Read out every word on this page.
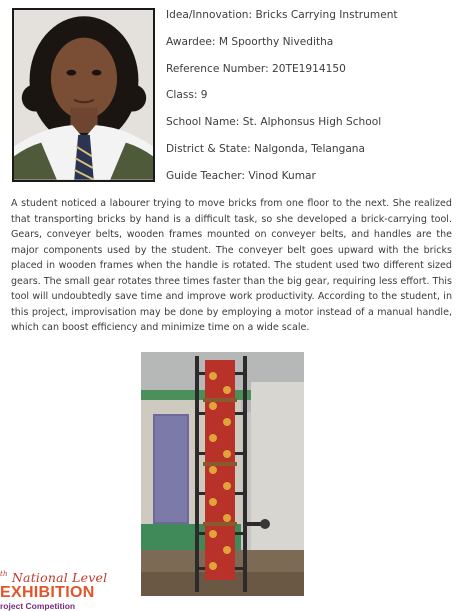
Idea/Innovation: Bricks Carrying Instrument
Awardee: M Spoorthy Niveditha
Reference Number: 20TE1914150
Class: 9
School Name: St. Alphonsus High School
District & State: Nalgonda, Telangana
Guide Teacher: Vinod Kumar

A student noticed a labourer trying to move bricks from one floor to the next. She realized that transporting bricks by hand is a difficult task, so she developed a brick-carrying tool. Gears, conveyer belts, wooden frames mounted on conveyer belts, and handles are the major components used by the student. The conveyer belt goes upward with the bricks placed in wooden frames when the handle is rotated. The student used two different sized gears. The small gear rotates three times faster than the big gear, requiring less effort. This tool will undoubtedly save time and improve work productivity. According to the student, in this project, improvisation may be done by employing a motor instead of a manual handle, which can boost efficiency and minimize time on a wide scale.

$^{th}$ National Level
EXHIBITION
roject Competition
